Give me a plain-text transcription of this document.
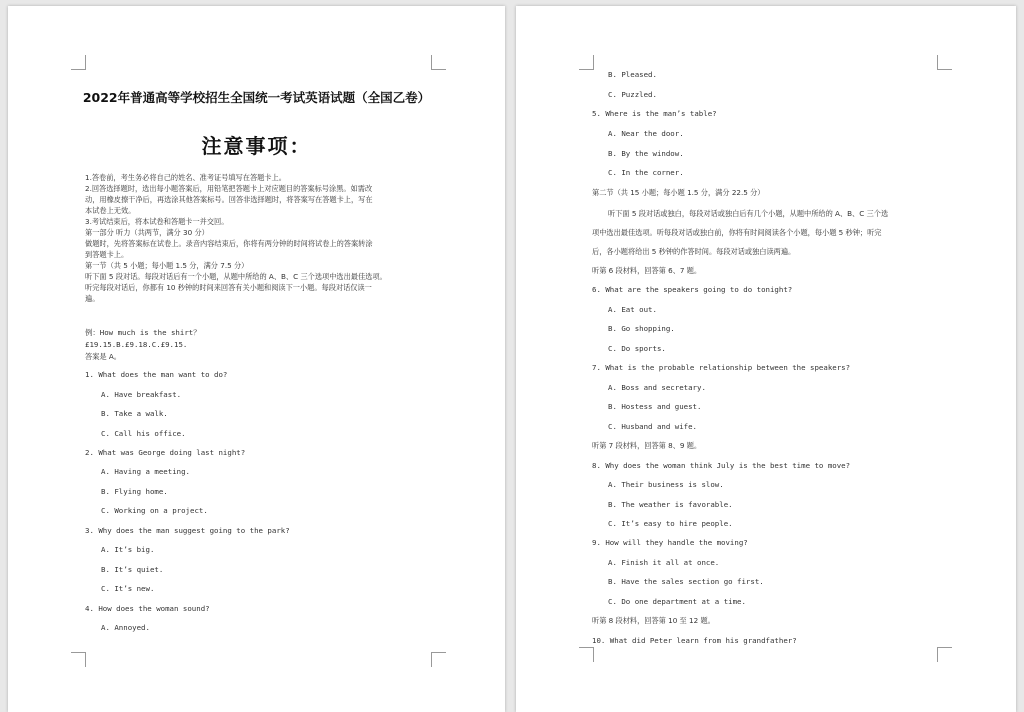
2022年普通高等学校招生全国统一考试英语试题（全国乙卷）
注意事项：
1.答卷前，考生务必将自己的姓名、准考证号填写在答题卡上。
2.回答选择题时，选出每小题答案后，用铅笔把答题卡上对应题目的答案标号涂黑。如需改
动，用橡皮擦干净后，再选涂其他答案标号。回答非选择题时，将答案写在答题卡上，写在
本试卷上无效。
3.考试结束后，将本试卷和答题卡一并交回。
第一部分 听力（共两节，满分 30 分）
做题时，先将答案标在试卷上。录音内容结束后，你将有两分钟的时间将试卷上的答案转涂
到答题卡上。
第一节（共 5 小题；每小题 1.5 分，满分 7.5 分）
听下面 5 段对话。每段对话后有一个小题，从题中所给的 A、B、C 三个选项中选出最佳选项。
听完每段对话后，你都有 10 秒钟的时间来回答有关小题和阅读下一小题。每段对话仅读一
遍。
例：How much is the shirt？
£19.15.B.£9.18.C.£9.15.
答案是 A。
1. What does the man want to do?
A. Have breakfast.
B. Take a walk.
C. Call his office.
2. What was George doing last night?
A. Having a meeting.
B. Flying home.
C. Working on a project.
3. Why does the man suggest going to the park?
A. It’s big.
B. It’s quiet.
C. It’s new.
4. How does the woman sound?
A. Annoyed.
B. Pleased.
C. Puzzled.
5. Where is the man’s table?
A. Near the door.
B. By the window.
C. In the corner.
第二节（共 15 小题；每小题 1.5 分，满分 22.5 分）
听下面 5 段对话或独白，每段对话或独白后有几个小题，从题中所给的 A、B、C 三个选
项中选出最佳选项。听每段对话或独白前，你将有时间阅读各个小题，每小题 5 秒钟；听完
后，各小题将给出 5 秒钟的作答时间。每段对话或独白读两遍。
听第 6 段材料，回答第 6、7 题。
6. What are the speakers going to do tonight?
A. Eat out.
B. Go shopping.
C. Do sports.
7. What is the probable relationship between the speakers?
A. Boss and secretary.
B. Hostess and guest.
C. Husband and wife.
听第 7 段材料，回答第 8、9 题。
8. Why does the woman think July is the best time to move?
A. Their business is slow.
B. The weather is favorable.
C. It’s easy to hire people.
9. How will they handle the moving?
A. Finish it all at once.
B. Have the sales section go first.
C. Do one department at a time.
听第 8 段材料，回答第 10 至 12 题。
10. What did Peter learn from his grandfather?
